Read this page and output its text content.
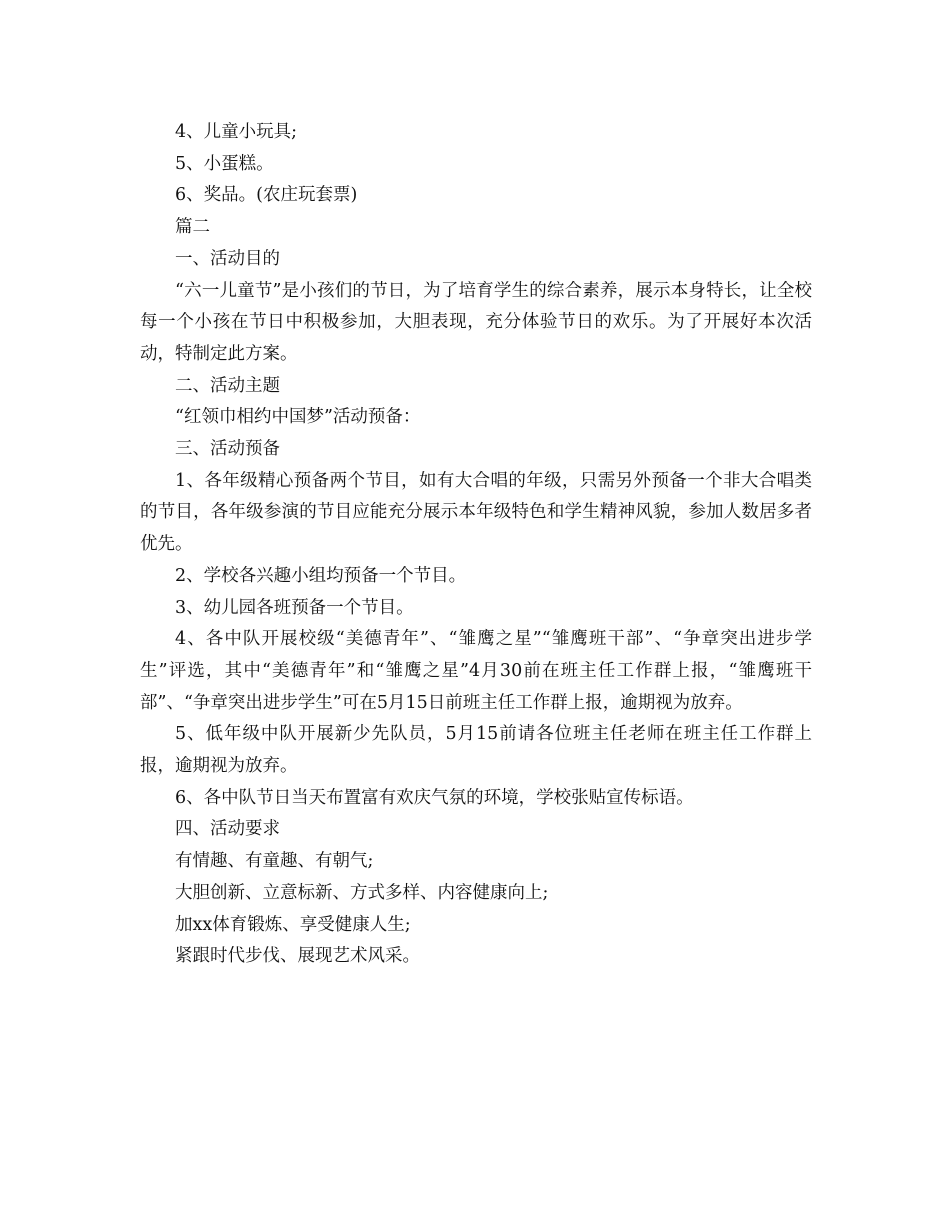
4、儿童小玩具;

5、小蛋糕。

6、奖品。(农庄玩套票)

篇二

一、活动目的

“六一儿童节”是小孩们的节日，为了培育学生的综合素养，展示本身特长，让全校每一个小孩在节日中积极参加，大胆表现，充分体验节日的欢乐。为了开展好本次活动，特制定此方案。

二、活动主题

“红领巾相约中国梦”活动预备：

三、活动预备

1、各年级精心预备两个节目，如有大合唱的年级，只需另外预备一个非大合唱类的节目，各年级参演的节目应能充分展示本年级特色和学生精神风貌，参加人数居多者优先。

2、学校各兴趣小组均预备一个节目。

3、幼儿园各班预备一个节目。

4、各中队开展校级“美德青年”、“雏鹰之星”“雏鹰班干部”、“争章突出进步学生”评选，其中“美德青年”和“雏鹰之星”4月30前在班主任工作群上报，“雏鹰班干部”、“争章突出进步学生”可在5月15日前班主任工作群上报，逾期视为放弃。

5、低年级中队开展新少先队员，5月15前请各位班主任老师在班主任工作群上报，逾期视为放弃。

6、各中队节日当天布置富有欢庆气氛的环境，学校张贴宣传标语。

四、活动要求

有情趣、有童趣、有朝气;

大胆创新、立意标新、方式多样、内容健康向上;

加xx体育锻炼、享受健康人生;

紧跟时代步伐、展现艺术风采。
